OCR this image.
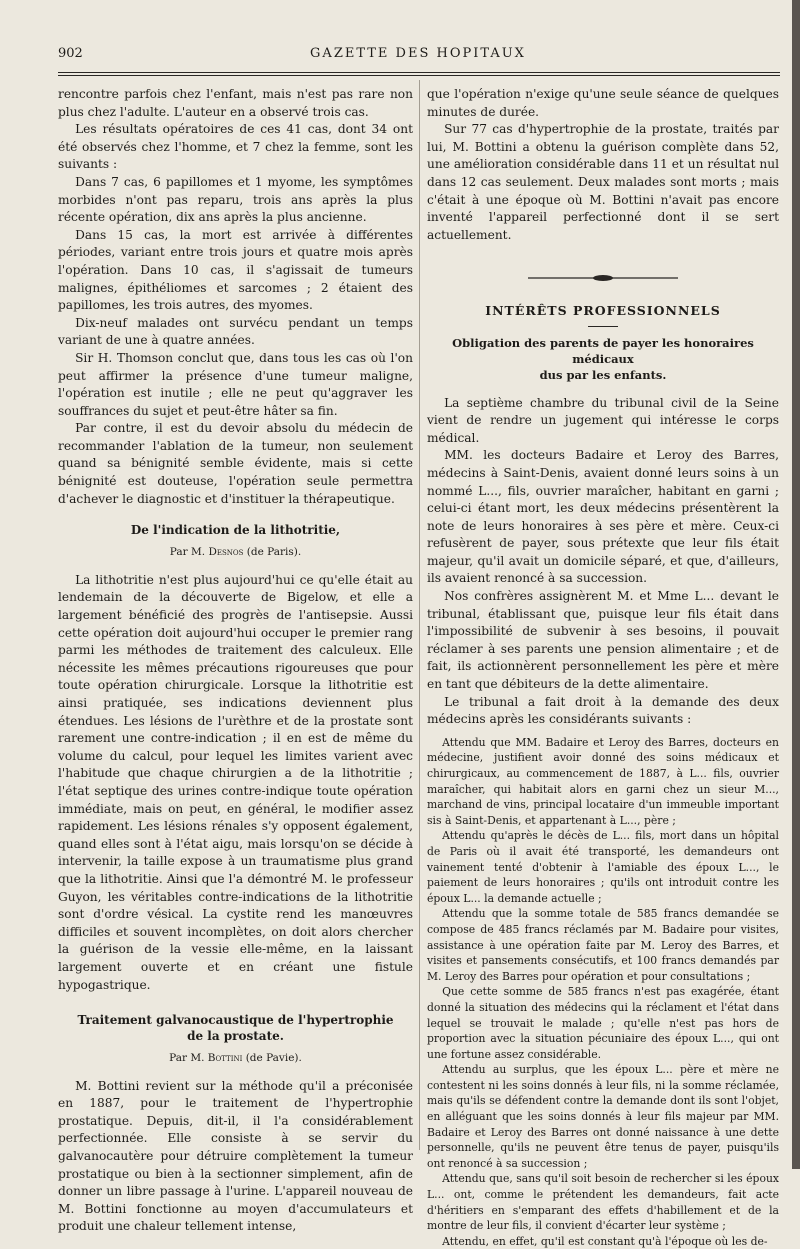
902	GAZETTE DES HOPITAUX

rencontre parfois chez l'enfant, mais n'est pas rare non plus chez l'adulte. L'auteur en a observé trois cas.

Les résultats opératoires de ces 41 cas, dont 34 ont été observés chez l'homme, et 7 chez la femme, sont les suivants :

Dans 7 cas, 6 papillomes et 1 myome, les symptômes morbides n'ont pas reparu, trois ans après la plus récente opération, dix ans après la plus ancienne.

Dans 15 cas, la mort est arrivée à différentes périodes, variant entre trois jours et quatre mois après l'opération. Dans 10 cas, il s'agissait de tumeurs malignes, épithéliomes et sarcomes ; 2 étaient des papillomes, les trois autres, des myomes.

Dix-neuf malades ont survécu pendant un temps variant de une à quatre années.

Sir H. Thomson conclut que, dans tous les cas où l'on peut affirmer la présence d'une tumeur maligne, l'opération est inutile ; elle ne peut qu'aggraver les souffrances du sujet et peut-être hâter sa fin.

Par contre, il est du devoir absolu du médecin de recommander l'ablation de la tumeur, non seulement quand sa bénignité semble évidente, mais si cette bénignité est douteuse, l'opération seule permettra d'achever le diagnostic et d'instituer la thérapeutique.

De l'indication de la lithotritie,
Par M. Desnos (de Paris).

La lithotritie n'est plus aujourd'hui ce qu'elle était au lendemain de la découverte de Bigelow, et elle a largement bénéficié des progrès de l'antisepsie. Aussi cette opération doit aujourd'hui occuper le premier rang parmi les méthodes de traitement des calculeux. Elle nécessite les mêmes précautions rigoureuses que pour toute opération chirurgicale. Lorsque la lithotritie est ainsi pratiquée, ses indications deviennent plus étendues. Les lésions de l'urèthre et de la prostate sont rarement une contre-indication ; il en est de même du volume du calcul, pour lequel les limites varient avec l'habitude que chaque chirurgien a de la lithotritie ; l'état septique des urines contre-indique toute opération immédiate, mais on peut, en général, le modifier assez rapidement. Les lésions rénales s'y opposent également, quand elles sont à l'état aigu, mais lorsqu'on se décide à intervenir, la taille expose à un traumatisme plus grand que la lithotritie. Ainsi que l'a démontré M. le professeur Guyon, les véritables contre-indications de la lithotritie sont d'ordre vésical. La cystite rend les manœuvres difficiles et souvent incomplètes, on doit alors chercher la guérison de la vessie elle-même, en la laissant largement ouverte et en créant une fistule hypogastrique.

Traitement galvanocaustique de l'hypertrophie
de la prostate.
Par M. Bottini (de Pavie).

M. Bottini revient sur la méthode qu'il a préconisée en 1887, pour le traitement de l'hypertrophie prostatique. Depuis, dit-il, il l'a considérablement perfectionnée. Elle consiste à se servir du galvanocautère pour détruire complètement la tumeur prostatique ou bien à la sectionner simplement, afin de donner un libre passage à l'urine. L'appareil nouveau de M. Bottini fonctionne au moyen d'accumulateurs et produit une chaleur tellement intense,

que l'opération n'exige qu'une seule séance de quelques minutes de durée.

Sur 77 cas d'hypertrophie de la prostate, traités par lui, M. Bottini a obtenu la guérison complète dans 52, une amélioration considérable dans 11 et un résultat nul dans 12 cas seulement. Deux malades sont morts ; mais c'était à une époque où M. Bottini n'avait pas encore inventé l'appareil perfectionné dont il se sert actuellement.

INTÉRÊTS PROFESSIONNELS
Obligation des parents de payer les honoraires médicaux
dus par les enfants.

La septième chambre du tribunal civil de la Seine vient de rendre un jugement qui intéresse le corps médical.

MM. les docteurs Badaire et Leroy des Barres, médecins à Saint-Denis, avaient donné leurs soins à un nommé L..., fils, ouvrier maraîcher, habitant en garni ; celui-ci étant mort, les deux médecins présentèrent la note de leurs honoraires à ses père et mère. Ceux-ci refusèrent de payer, sous prétexte que leur fils était majeur, qu'il avait un domicile séparé, et que, d'ailleurs, ils avaient renoncé à sa succession.

Nos confrères assignèrent M. et Mme L... devant le tribunal, établissant que, puisque leur fils était dans l'impossibilité de subvenir à ses besoins, il pouvait réclamer à ses parents une pension alimentaire ; et de fait, ils actionnèrent personnellement les père et mère en tant que débiteurs de la dette alimentaire.

Le tribunal a fait droit à la demande des deux médecins après les considérants suivants :

Attendu que MM. Badaire et Leroy des Barres, docteurs en médecine, justifient avoir donné des soins médicaux et chirurgicaux, au commencement de 1887, à L... fils, ouvrier maraîcher, qui habitait alors en garni chez un sieur M..., marchand de vins, principal locataire d'un immeuble important sis à Saint-Denis, et appartenant à L..., père ;

Attendu qu'après le décès de L... fils, mort dans un hôpital de Paris où il avait été transporté, les demandeurs ont vainement tenté d'obtenir à l'amiable des époux L..., le paiement de leurs honoraires ; qu'ils ont introduit contre les époux L... la demande actuelle ;

Attendu que la somme totale de 585 francs demandée se compose de 485 francs réclamés par M. Badaire pour visites, assistance à une opération faite par M. Leroy des Barres, et visites et pansements consécutifs, et 100 francs demandés par M. Leroy des Barres pour opération et pour consultations ;

Que cette somme de 585 francs n'est pas exagérée, étant donné la situation des médecins qui la réclament et l'état dans lequel se trouvait le malade ; qu'elle n'est pas hors de proportion avec la situation pécuniaire des époux L..., qui ont une fortune assez considérable.

Attendu au surplus, que les époux L... père et mère ne contestent ni les soins donnés à leur fils, ni la somme réclamée, mais qu'ils se défendent contre la demande dont ils sont l'objet, en alléguant que les soins donnés à leur fils majeur par MM. Badaire et Leroy des Barres ont donné naissance à une dette personnelle, qu'ils ne peuvent être tenus de payer, puisqu'ils ont renoncé à sa succession ;

Attendu que, sans qu'il soit besoin de rechercher si les époux L... ont, comme le prétendent les demandeurs, fait acte d'héritiers en s'emparant des effets d'habillement et de la montre de leur fils, il convient d'écarter leur système ;

Attendu, en effet, qu'il est constant qu'à l'époque où les de-
